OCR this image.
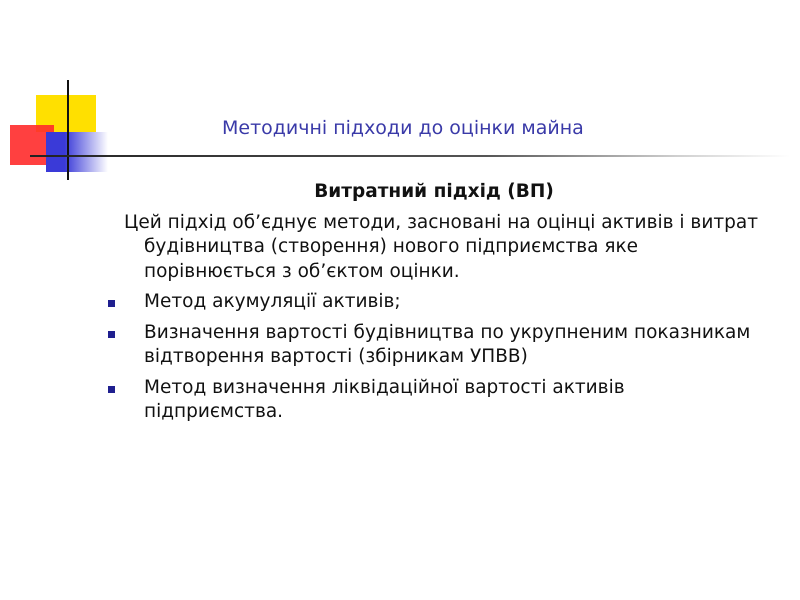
Методичні підходи до оцінки майна
Витратний підхід (ВП)

Цей підхід об’єднує методи, засновані на оцінці активів і витрат будівництва (створення) нового підприємства яке порівнюється з об’єктом оцінки.

Метод акумуляції активів;
Визначення вартості будівництва по укрупненим показникам відтворення вартості (збірникам УПВВ)
Метод визначення ліквідаційної вартості активів підприємства.
